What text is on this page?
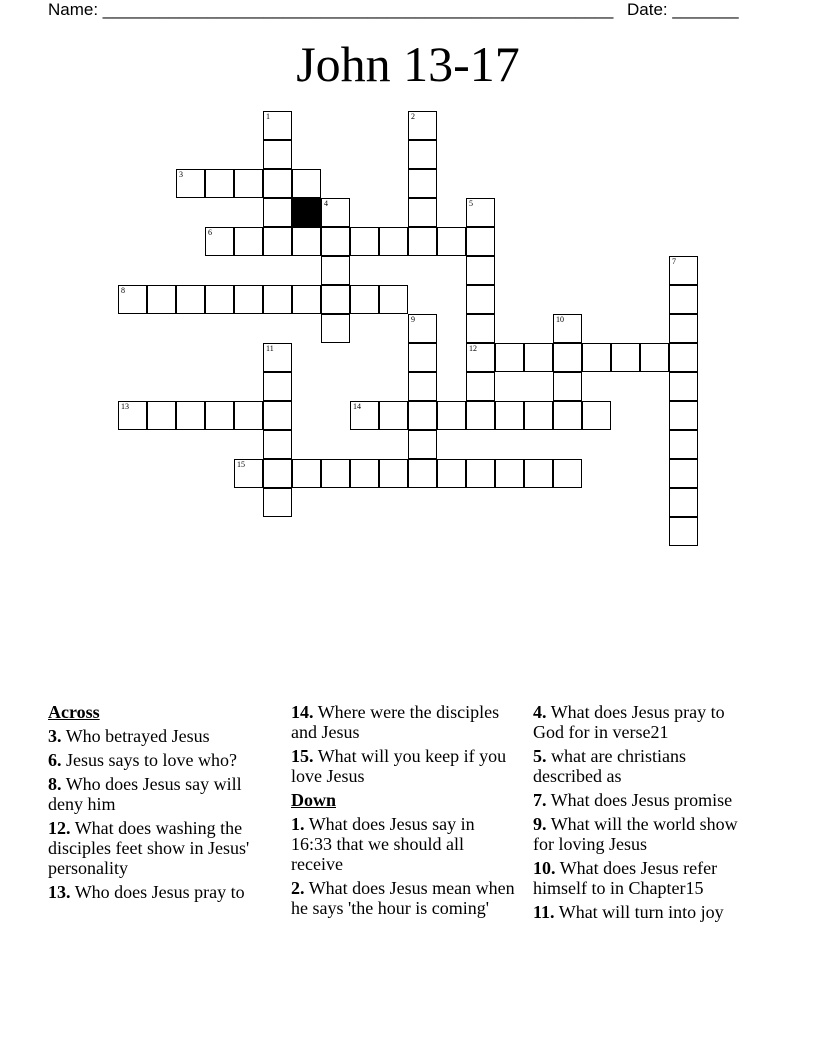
Name: ______________________________________________________ Date: _______
John 13-17
1	2
3
4	5
6
7
8
9	10
11	12
13	14
15
Across
3. Who betrayed Jesus
6. Jesus says to love who?
8. Who does Jesus say will deny him
12. What does washing the disciples feet show in Jesus' personality
13. Who does Jesus pray to
14. Where were the disciples and Jesus
15. What will you keep if you love Jesus
Down
1. What does Jesus say in 16:33 that we should all receive
2. What does Jesus mean when he says 'the hour is coming'
4. What does Jesus pray to God for in verse21
5. what are christians described as
7. What does Jesus promise
9. What will the world show for loving Jesus
10. What does Jesus refer himself to in Chapter15
11. What will turn into joy
